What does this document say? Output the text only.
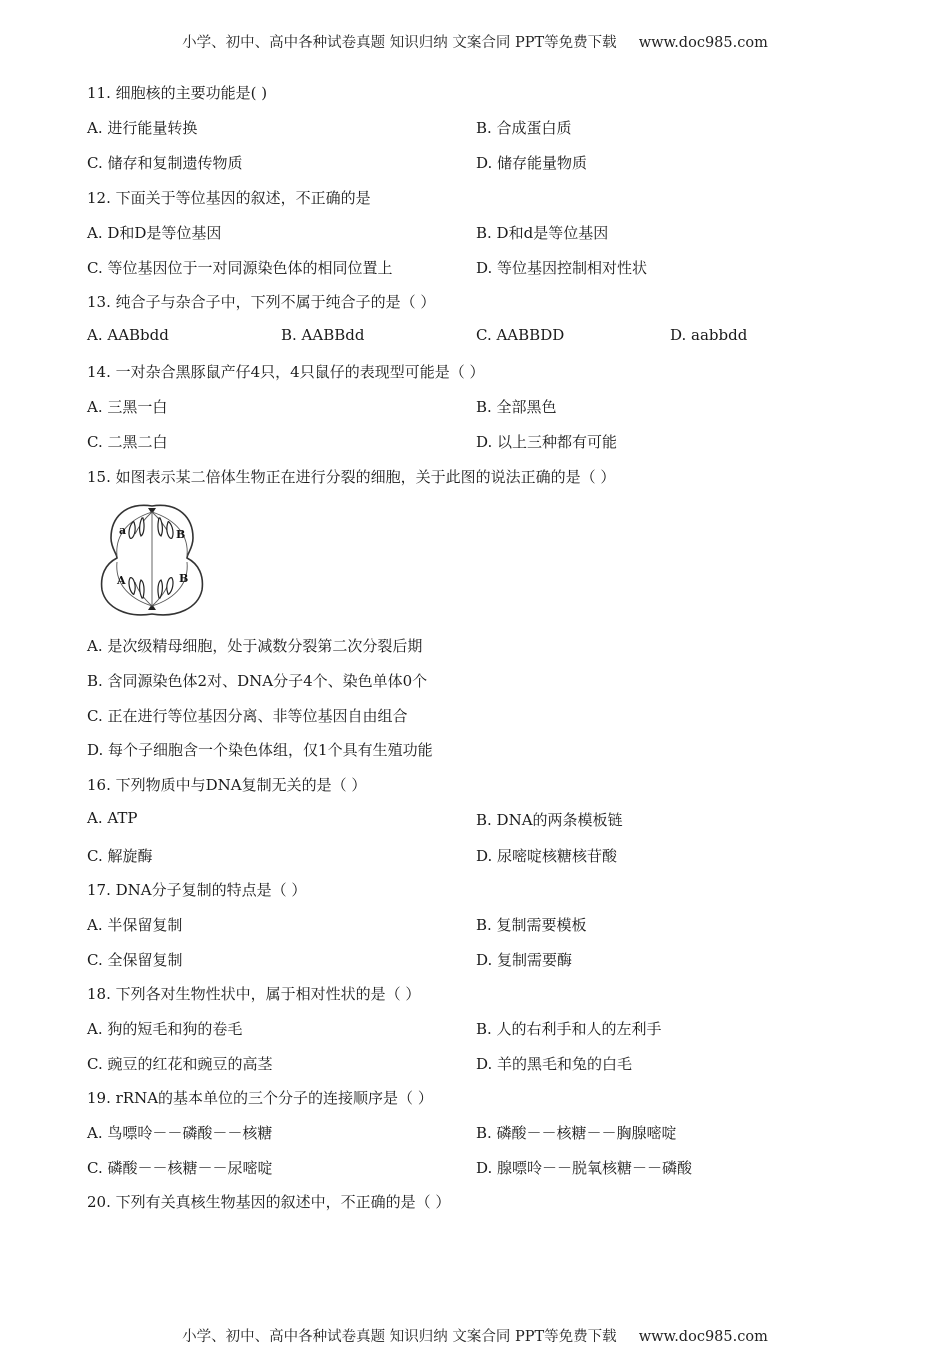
小学、初中、高中各种试卷真题 知识归纳 文案合同 PPT等免费下载 www.doc985.com
11. 细胞核的主要功能是( )
A. 进行能量转换	B. 合成蛋白质
C. 储存和复制遗传物质	D. 储存能量物质
12. 下面关于等位基因的叙述，不正确的是
A. D和D是等位基因	B. D和d是等位基因
C. 等位基因位于一对同源染色体的相同位置上	D. 等位基因控制相对性状
13. 纯合子与杂合子中，下列不属于纯合子的是（ ）
A. AABbdd	B. AABBdd	C. AABBDD	D. aabbdd
14. 一对杂合黑豚鼠产仔4只，4只鼠仔的表现型可能是（ ）
A. 三黑一白	B. 全部黑色
C. 二黑二白	D. 以上三种都有可能
15. 如图表示某二倍体生物正在进行分裂的细胞，关于此图的说法正确的是（ ）
a	B
A	B
A. 是次级精母细胞，处于减数分裂第二次分裂后期
B. 含同源染色体2对、DNA分子4个、染色单体0个
C. 正在进行等位基因分离、非等位基因自由组合
D. 每个子细胞含一个染色体组，仅1个具有生殖功能
16. 下列物质中与DNA复制无关的是（ ）
A. ATP	B. DNA的两条模板链
C. 解旋酶	D. 尿嘧啶核糖核苷酸
17. DNA分子复制的特点是（ ）
A. 半保留复制	B. 复制需要模板
C. 全保留复制	D. 复制需要酶
18. 下列各对生物性状中，属于相对性状的是（ ）
A. 狗的短毛和狗的卷毛	B. 人的右利手和人的左利手
C. 豌豆的红花和豌豆的高茎	D. 羊的黑毛和兔的白毛
19. rRNA的基本单位的三个分子的连接顺序是（ ）
A. 鸟嘌呤－－磷酸－－核糖	B. 磷酸－－核糖－－胸腺嘧啶
C. 磷酸－－核糖－－尿嘧啶	D. 腺嘌呤－－脱氧核糖－－磷酸
20. 下列有关真核生物基因的叙述中，不正确的是（ ）
小学、初中、高中各种试卷真题 知识归纳 文案合同 PPT等免费下载 www.doc985.com
